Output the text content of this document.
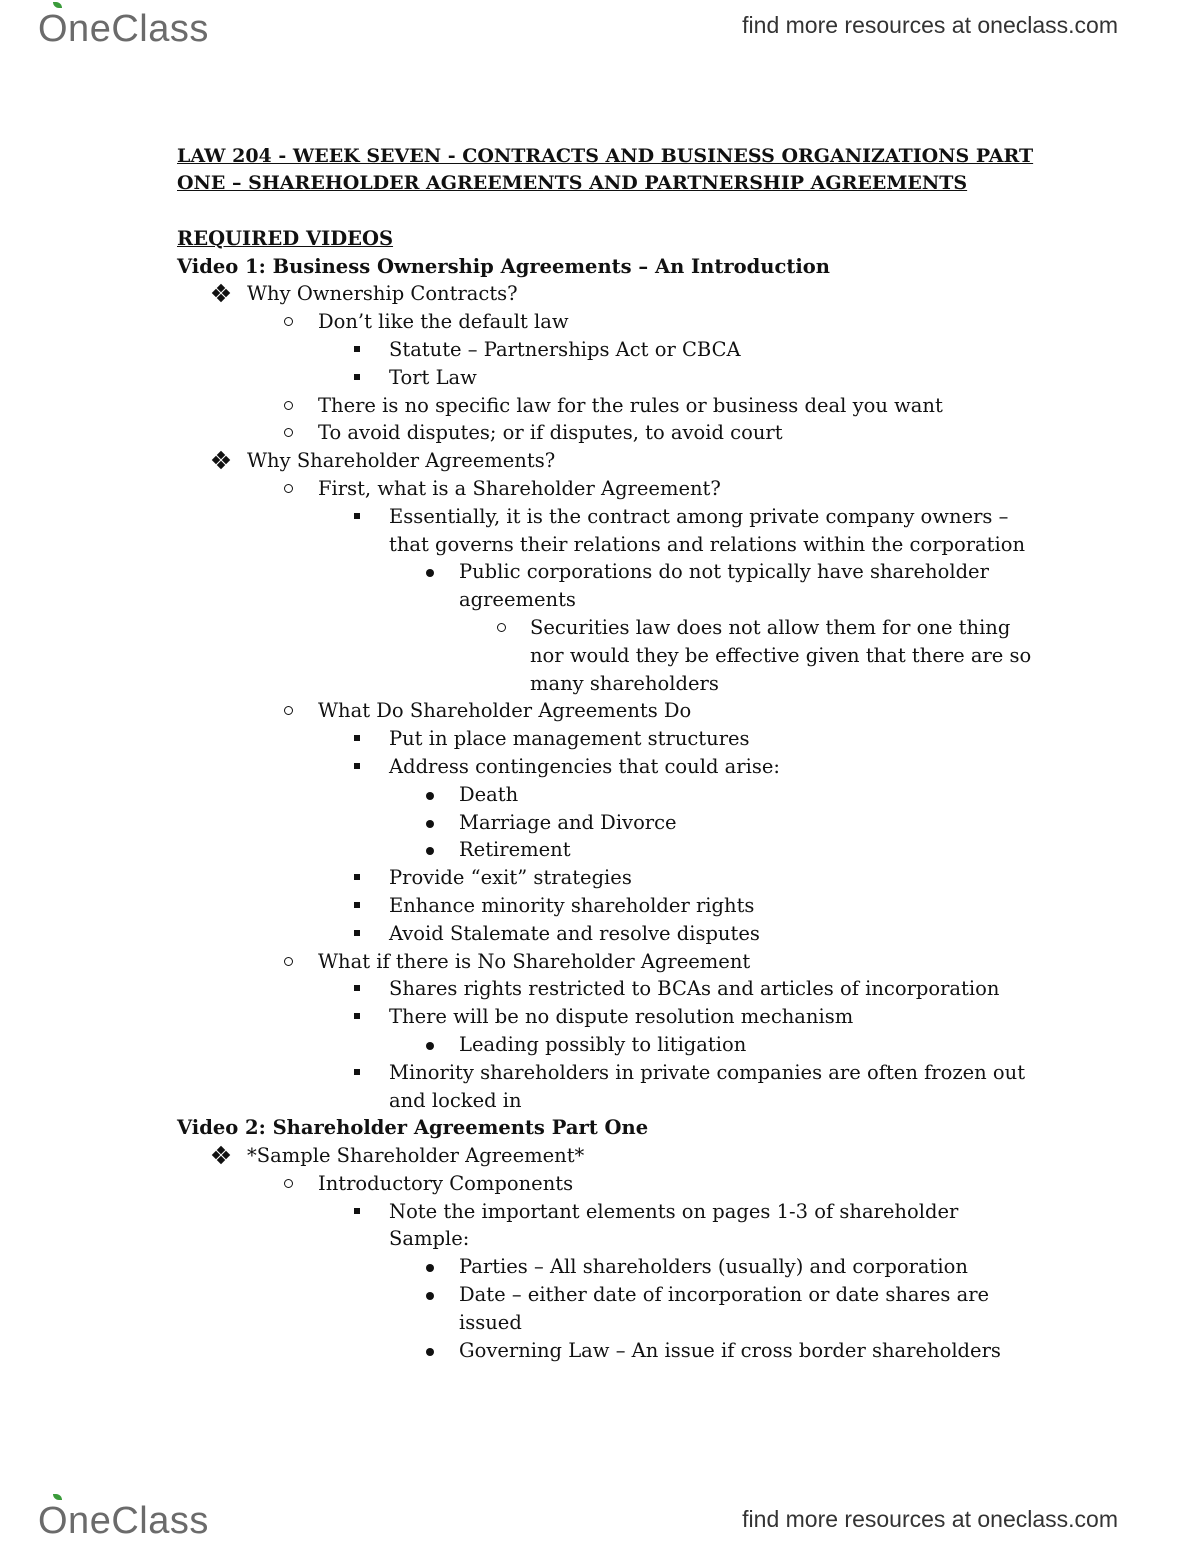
OneClass	find more resources at oneclass.com
LAW 204 - WEEK SEVEN - CONTRACTS AND BUSINESS ORGANIZATIONS PART
ONE – SHAREHOLDER AGREEMENTS AND PARTNERSHIP AGREEMENTS
REQUIRED VIDEOS
Video 1: Business Ownership Agreements – An Introduction
Why Ownership Contracts?
Don’t like the default law
Statute – Partnerships Act or CBCA
Tort Law
There is no specific law for the rules or business deal you want
To avoid disputes; or if disputes, to avoid court
Why Shareholder Agreements?
First, what is a Shareholder Agreement?
Essentially, it is the contract among private company owners – that governs their relations and relations within the corporation
Public corporations do not typically have shareholder agreements
Securities law does not allow them for one thing nor would they be effective given that there are so many shareholders
What Do Shareholder Agreements Do
Put in place management structures
Address contingencies that could arise:
Death
Marriage and Divorce
Retirement
Provide “exit” strategies
Enhance minority shareholder rights
Avoid Stalemate and resolve disputes
What if there is No Shareholder Agreement
Shares rights restricted to BCAs and articles of incorporation
There will be no dispute resolution mechanism
Leading possibly to litigation
Minority shareholders in private companies are often frozen out and locked in
Video 2: Shareholder Agreements Part One
*Sample Shareholder Agreement*
Introductory Components
Note the important elements on pages 1-3 of shareholder Sample:
Parties – All shareholders (usually) and corporation
Date – either date of incorporation or date shares are issued
Governing Law – An issue if cross border shareholders
OneClass	find more resources at oneclass.com
